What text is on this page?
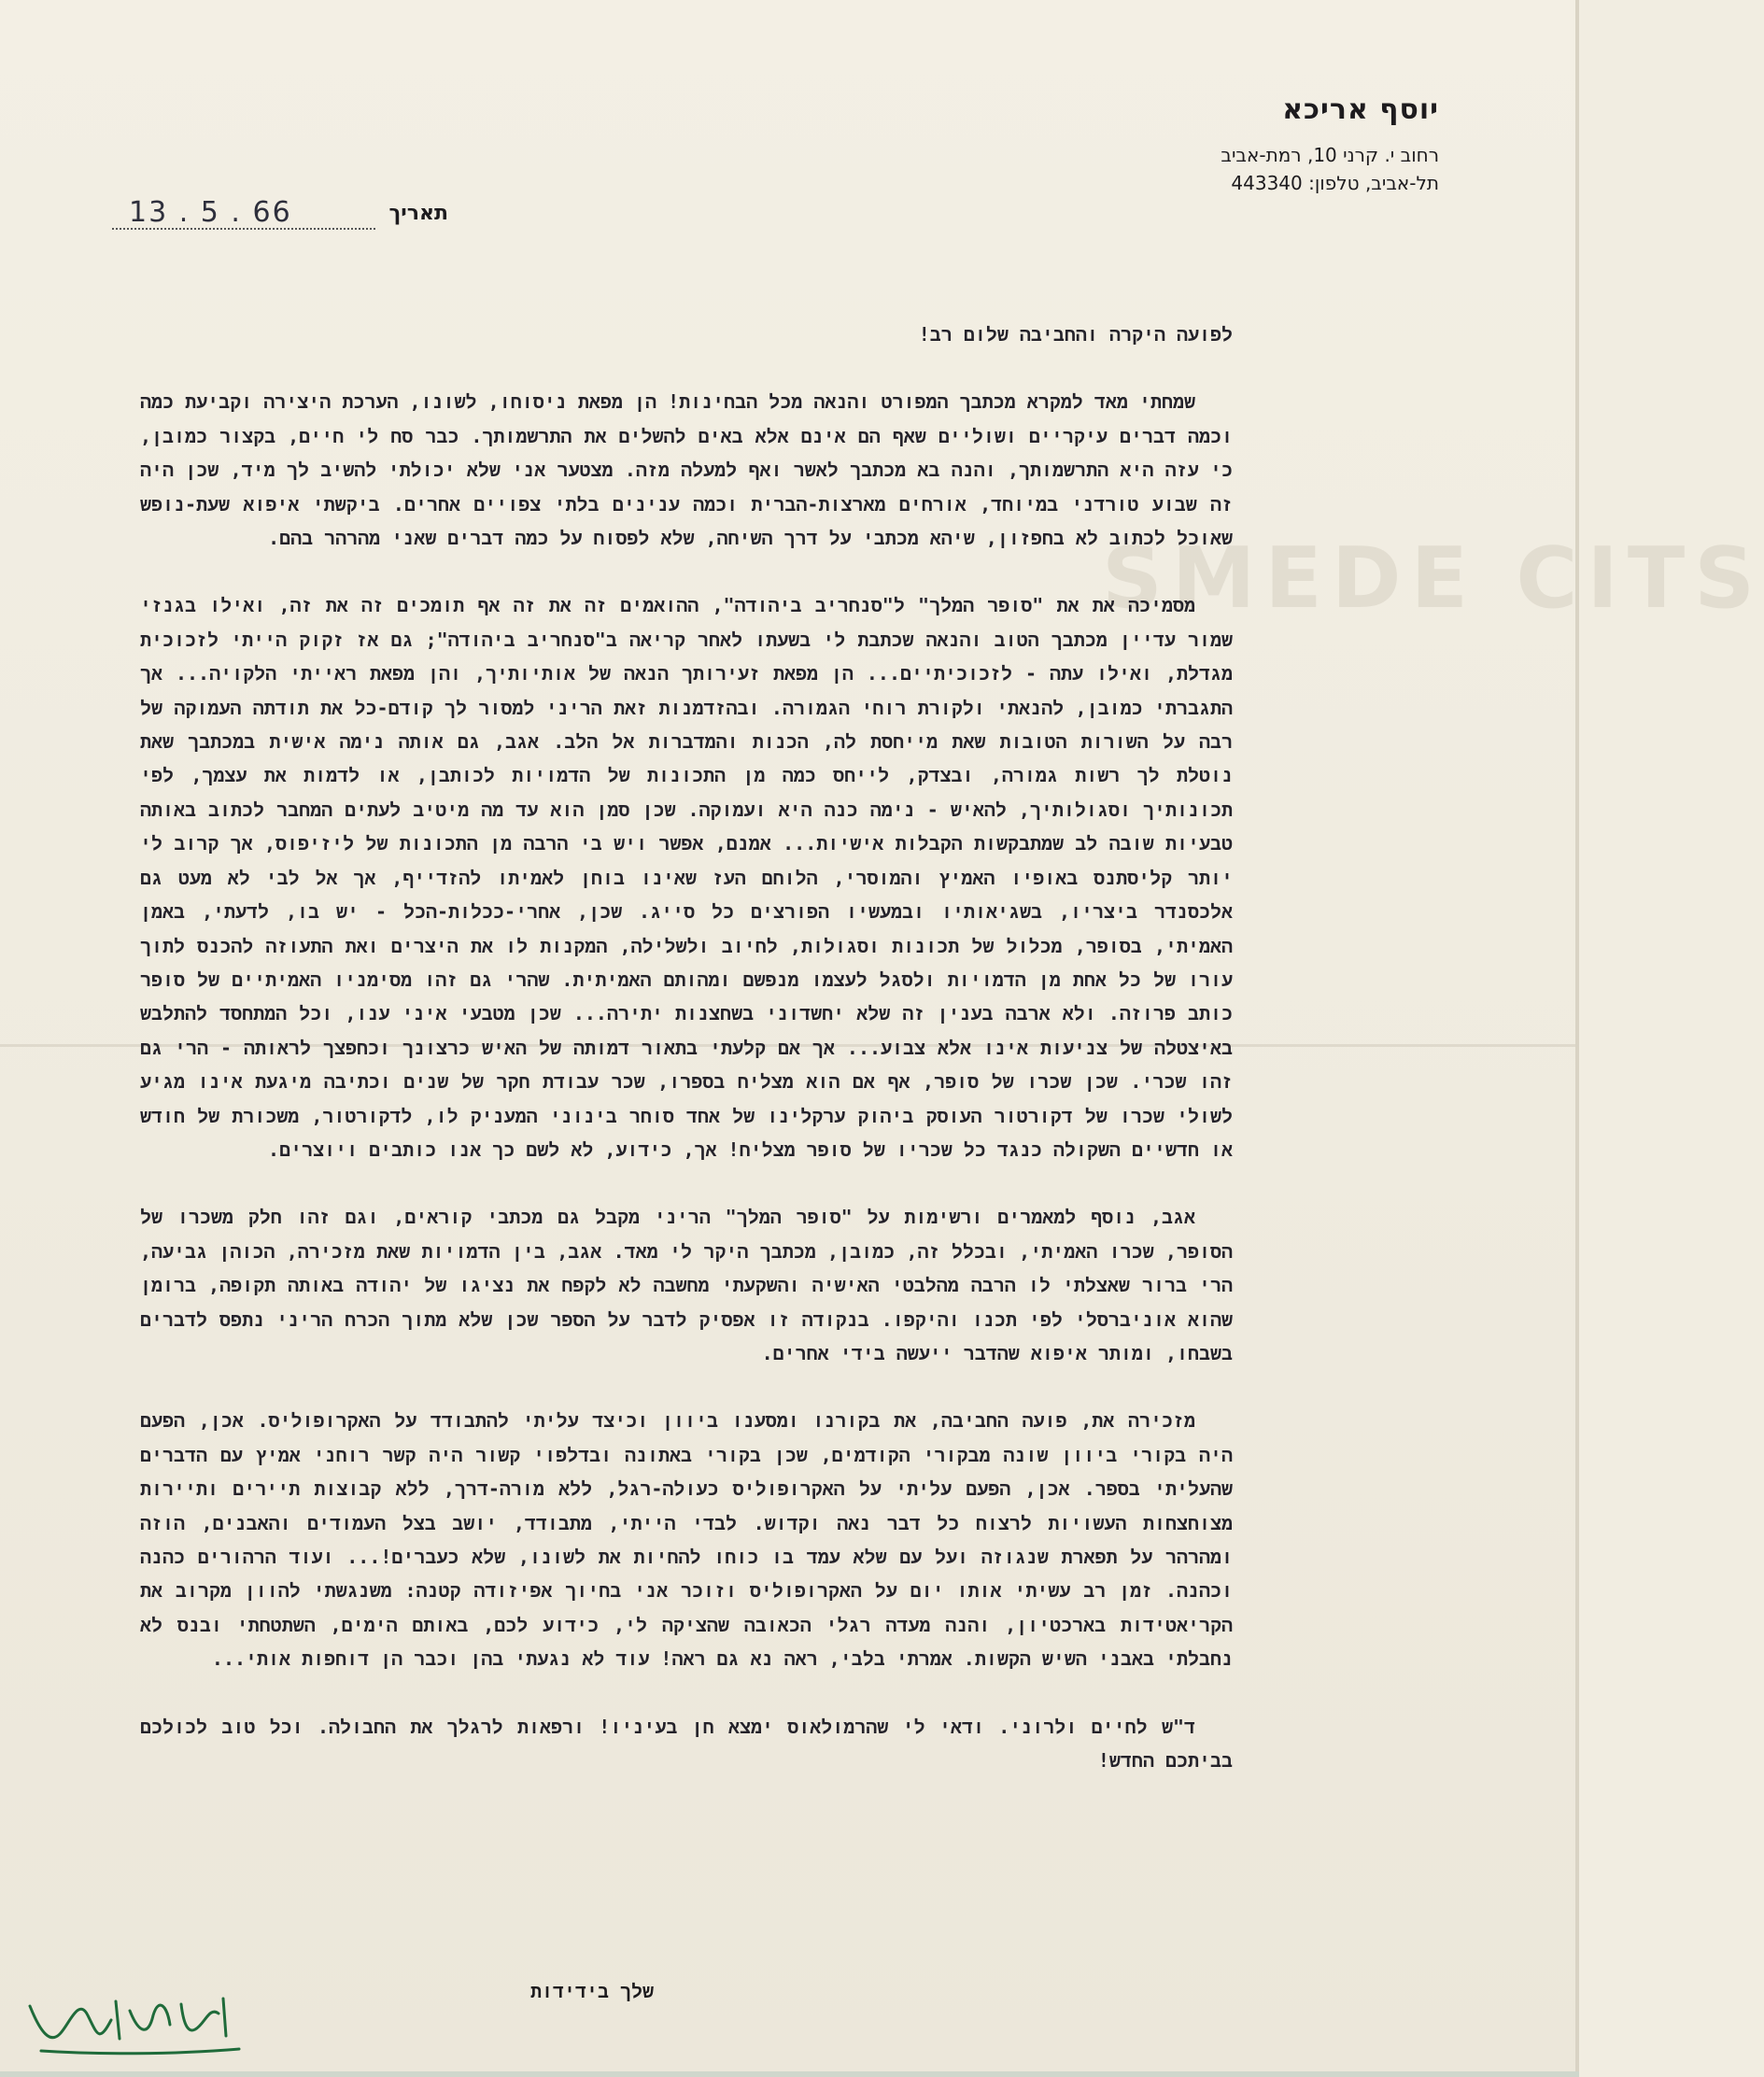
CITS
יוסף אריכא
רחוב י. קרני 10, רמת-אביב
תל-אביב, טלפון: 443340
תאריך
13 . 5 . 66

לפועה היקרה והחביבה שלום רב!

שמחתי מאד למקרא מכתבך המפורט והנאה מכל הבחינות! הן מפאת ניסוחו, לשונו, הערכת היצירה וקביעת כמה וכמה דברים עיקריים ושוליים שאף הם אינם אלא באים להשלים את התרשמותך. כבר סח לי חיים, בקצור כמובן, כי עזה היא התרשמותך, והנה בא מכתבך לאשר ואף למעלה מזה. מצטער אני שלא יכולתי להשיב לך מיד, שכן היה זה שבוע טורדני במיוחד, אורחים מארצות-הברית וכמה ענינים בלתי צפויים אחרים. ביקשתי איפוא שעת-נופש שאוכל לכתוב לא בחפזון, שיהא מכתבי על דרך השיחה, שלא לפסוח על כמה דברים שאני מהרהר בהם.

מסמיכה את את "סופר המלך" ל"סנחריב ביהודה", ההואמים זה את זה אף תומכים זה את זה, ואילו בגנזי שמור עדיין מכתבך הטוב והנאה שכתבת לי בשעתו לאחר קריאה ב"סנחריב ביהודה"; גם אז זקוק הייתי לזכוכית מגדלת, ואילו עתה - לזכוכיתיים... הן מפאת זעירותך הנאה של אותיותיך, והן מפאת ראייתי הלקויה... אך התגברתי כמובן, להנאתי ולקורת רוחי הגמורה. ובהזדמנות זאת הריני למסור לך קודם-כל את תודתה העמוקה של רבה על השורות הטובות שאת מייחסת לה, הכנות והמדברות אל הלב. אגב, גם אותה נימה אישית במכתבך שאת נוטלת לך רשות גמורה, ובצדק, לייחס כמה מן התכונות של הדמויות לכותבן, או לדמות את עצמך, לפי תכונותיך וסגולותיך, להאיש - נימה כנה היא ועמוקה. שכן סמן הוא עד מה מיטיב לעתים המחבר לכתוב באותה טבעיות שובה לב שמתבקשות הקבלות אישיות... אמנם, אפשר ויש בי הרבה מן התכונות של ליזיפוס, אך קרוב לי יותר קליסתנס באופיו האמיץ והמוסרי, הלוחם העז שאינו בוחן לאמיתו להזדייף, אך אל לבי לא מעט גם אלכסנדר ביצריו, בשגיאותיו ובמעשיו הפורצים כל סייג. שכן, אחרי-ככלות-הכל - יש בו, לדעתי, באמן האמיתי, בסופר, מכלול של תכונות וסגולות, לחיוב ולשלילה, המקנות לו את היצרים ואת התעוזה להכנס לתוך עורו של כל אחת מן הדמויות ולסגל לעצמו מנפשם ומהותם האמיתית. שהרי גם זהו מסימניו האמיתיים של סופר כותב פרוזה. ולא ארבה בענין זה שלא יחשדוני בשחצנות יתירה... שכן מטבעי איני ענו, וכל המתחסד להתלבש באיצטלה של צניעות אינו אלא צבוע... אך אם קלעתי בתאור דמותה של האיש כרצונך וכחפצך לראותה - הרי גם זהו שכרי. שכן שכרו של סופר, אף אם הוא מצליח בספרו, שכר עבודת חקר של שנים וכתיבה מיגעת אינו מגיע לשולי שכרו של דקורטור העוסק ביהוק ערקלינו של אחד סוחר בינוני המעניק לו, לדקורטור, משכורת של חודש או חדשיים השקולה כנגד כל שכריו של סופר מצליח! אך, כידוע, לא לשם כך אנו כותבים ויוצרים.

אגב, נוסף למאמרים ורשימות על "סופר המלך" הריני מקבל גם מכתבי קוראים, וגם זהו חלק משכרו של הסופר, שכרו האמיתי, ובכלל זה, כמובן, מכתבך היקר לי מאד. אגב, בין הדמויות שאת מזכירה, הכוהן גביעה, הרי ברור שאצלתי לו הרבה מהלבטי האישיה והשקעתי מחשבה לא לקפח את נציגו של יהודה באותה תקופה, ברומן שהוא אוניברסלי לפי תכנו והיקפו. בנקודה זו אפסיק לדבר על הספר שכן שלא מתוך הכרח הריני נתפס לדברים בשבחו, ומותר איפוא שהדבר ייעשה בידי אחרים.

מזכירה את, פועה החביבה, את בקורנו ומסענו ביוון וכיצד עליתי להתבודד על האקרופוליס. אכן, הפעם היה בקורי ביוון שונה מבקורי הקודמים, שכן בקורי באתונה ובדלפוי קשור היה קשר רוחני אמיץ עם הדברים שהעליתי בספר. אכן, הפעם עליתי על האקרופוליס כעולה-רגל, ללא מורה-דרך, ללא קבוצות תיירים ותיירות מצוחצחות העשויות לרצוח כל דבר נאה וקדוש. לבדי הייתי, מתבודד, יושב בצל העמודים והאבנים, הוזה ומהרהר על תפארת שנגוזה ועל עם שלא עמד בו כוחו להחיות את לשונו, שלא כעברים!... ועוד הרהורים כהנה וכהנה. זמן רב עשיתי אותו יום על האקרופוליס וזוכר אני בחיוך אפיזודה קטנה: משנגשתי להוון מקרוב את הקריאטידות בארכטיון, והנה מעדה רגלי הכאובה שהציקה לי, כידוע לכם, באותם הימים, השתטחתי ובנס לא נחבלתי באבני השיש הקשות. אמרתי בלבי, ראה נא גם ראה! עוד לא נגעתי בהן וכבר הן דוחפות אותי...

ד"ש לחיים ולרוני. ודאי לי שהרמולאוס ימצא חן בעיניו! ורפאות לרגלך את החבולה. וכל טוב לכולכם בביתכם החדש!

שלך בידידות
